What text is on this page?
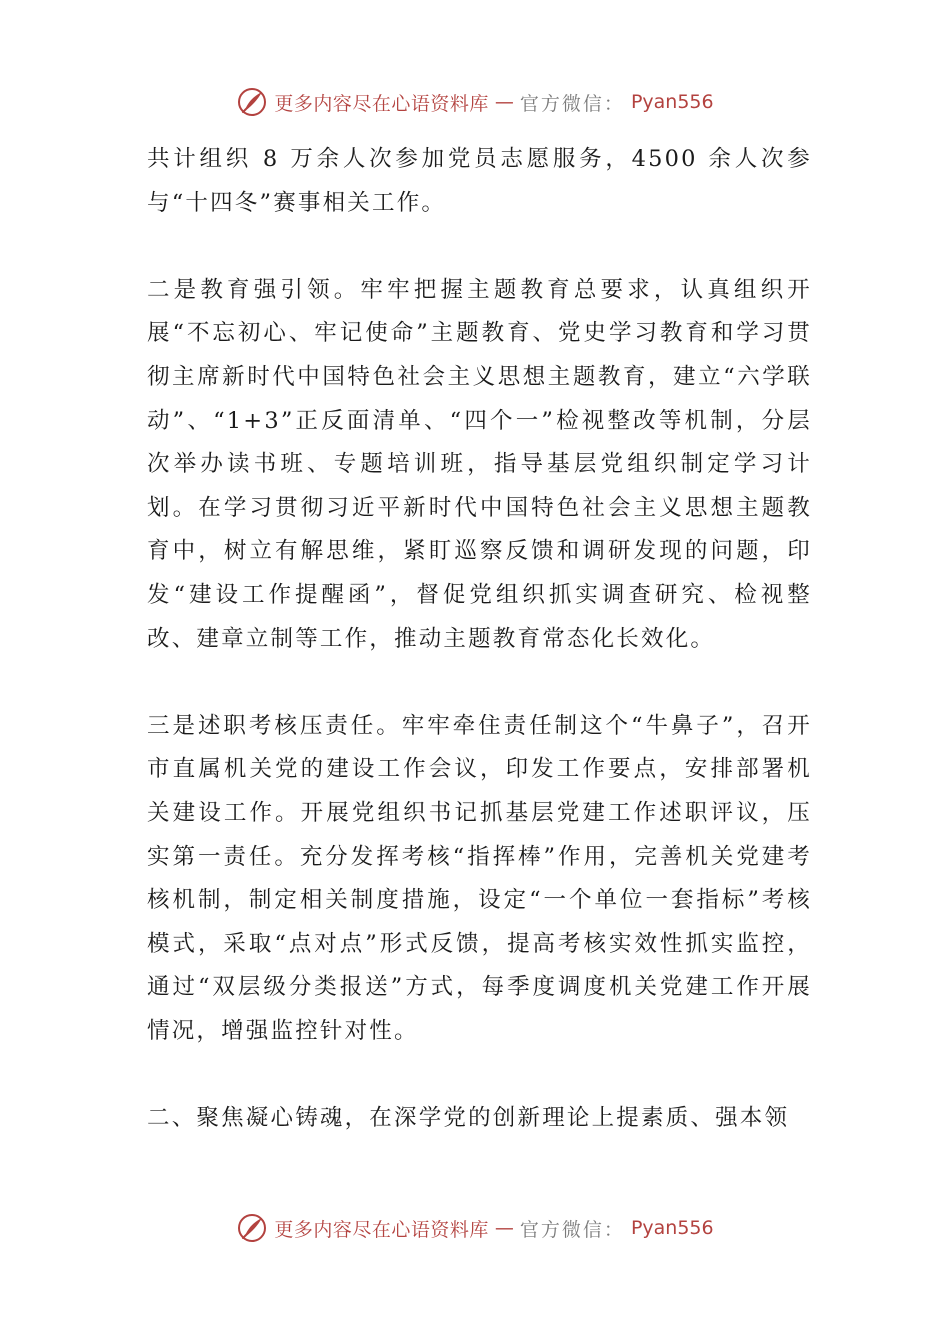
更多内容尽在心语资料库 — 官方微信： Pyan556

共计组织 8 万余人次参加党员志愿服务，4500 余人次参与“十四冬”赛事相关工作。

二是教育强引领。牢牢把握主题教育总要求，认真组织开展“不忘初心、牢记使命”主题教育、党史学习教育和学习贯彻主席新时代中国特色社会主义思想主题教育，建立“六学联动”、“1+3”正反面清单、“四个一”检视整改等机制，分层次举办读书班、专题培训班，指导基层党组织制定学习计划。在学习贯彻习近平新时代中国特色社会主义思想主题教育中，树立有解思维，紧盯巡察反馈和调研发现的问题，印发“建设工作提醒函”，督促党组织抓实调查研究、检视整改、建章立制等工作，推动主题教育常态化长效化。

三是述职考核压责任。牢牢牵住责任制这个“牛鼻子”，召开市直属机关党的建设工作会议，印发工作要点，安排部署机关建设工作。开展党组织书记抓基层党建工作述职评议，压实第一责任。充分发挥考核“指挥棒”作用，完善机关党建考核机制，制定相关制度措施，设定“一个单位一套指标”考核模式，采取“点对点”形式反馈，提高考核实效性抓实监控，通过“双层级分类报送”方式，每季度调度机关党建工作开展情况，增强监控针对性。

二、聚焦凝心铸魂，在深学党的创新理论上提素质、强本领

更多内容尽在心语资料库 — 官方微信： Pyan556
